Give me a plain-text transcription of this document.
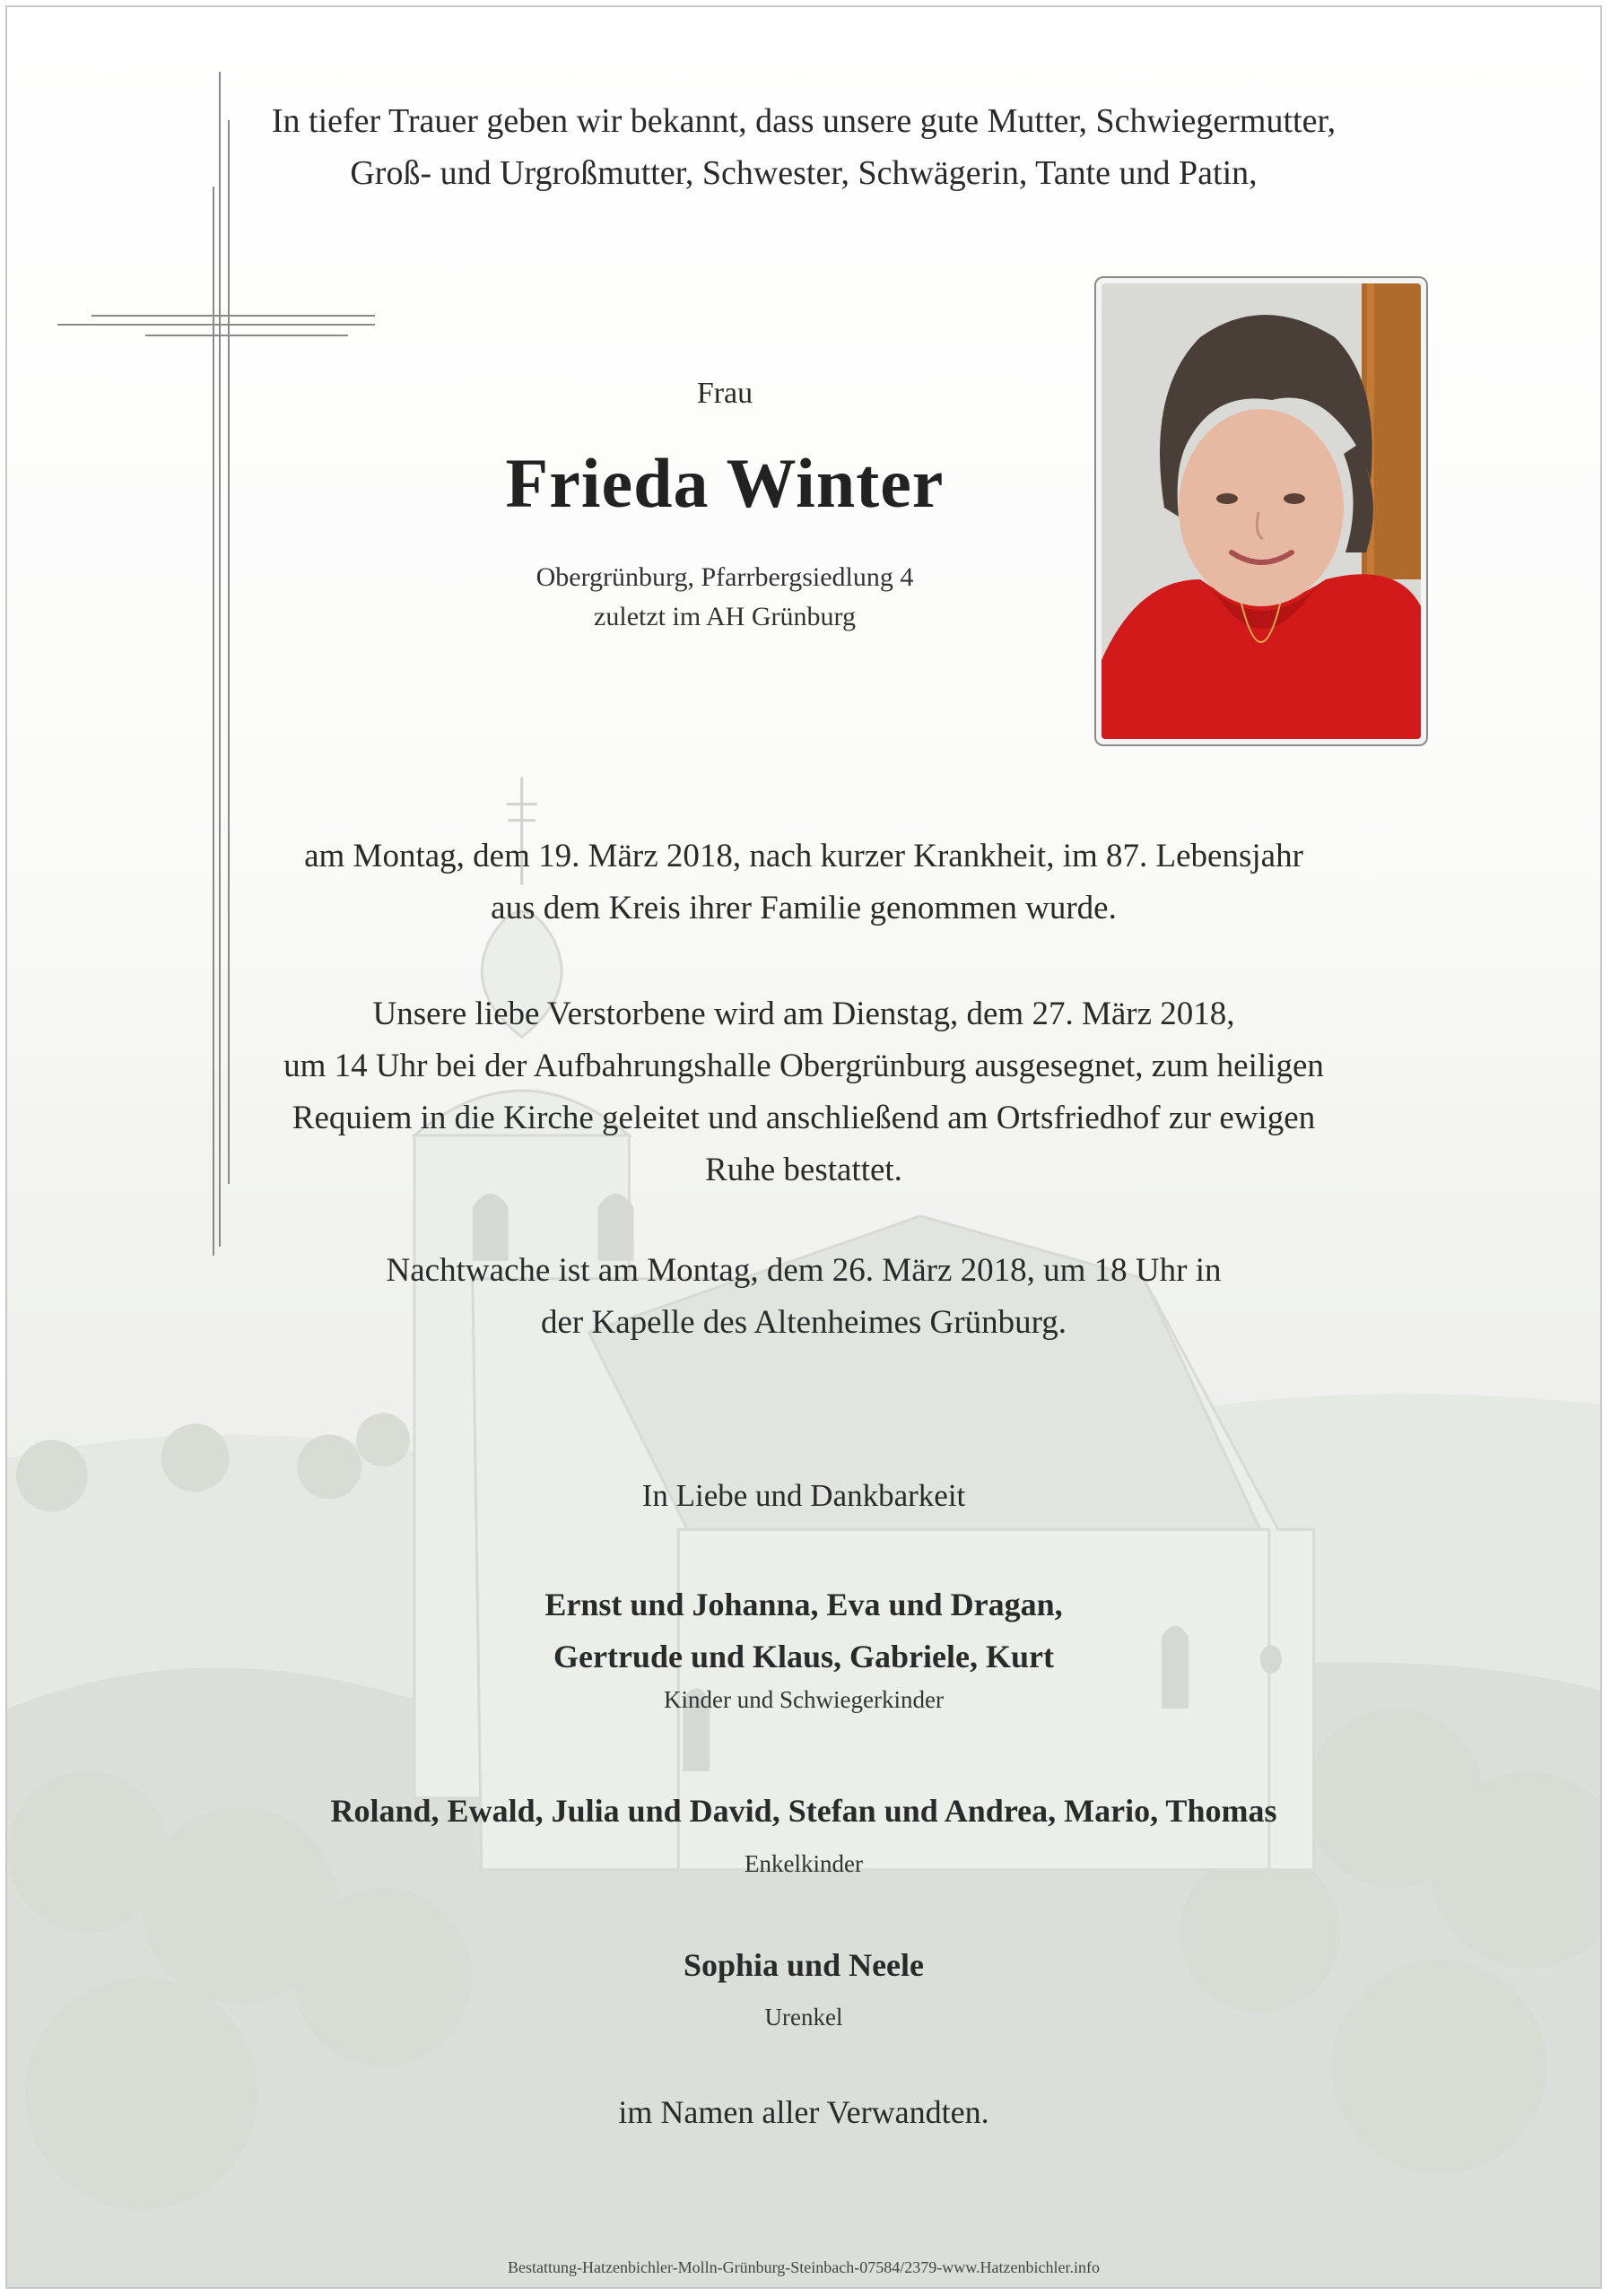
In tiefer Trauer geben wir bekannt, dass unsere gute Mutter, Schwiegermutter,
Groß- und Urgroßmutter, Schwester, Schwägerin, Tante und Patin,
Frau
Frieda Winter
Obergrünburg, Pfarrbergsiedlung 4
zuletzt im AH Grünburg
am Montag, dem 19. März 2018, nach kurzer Krankheit, im 87. Lebensjahr
aus dem Kreis ihrer Familie genommen wurde.
Unsere liebe Verstorbene wird am Dienstag, dem 27. März 2018,
um 14 Uhr bei der Aufbahrungshalle Obergrünburg ausgesegnet, zum heiligen
Requiem in die Kirche geleitet und anschließend am Ortsfriedhof zur ewigen
Ruhe bestattet.
Nachtwache ist am Montag, dem 26. März 2018, um 18 Uhr in
der Kapelle des Altenheimes Grünburg.
In Liebe und Dankbarkeit
Ernst und Johanna, Eva und Dragan,
Gertrude und Klaus, Gabriele, Kurt
Kinder und Schwiegerkinder
Roland, Ewald, Julia und David, Stefan und Andrea, Mario, Thomas
Enkelkinder
Sophia und Neele
Urenkel
im Namen aller Verwandten.
Bestattung-Hatzenbichler-Molln-Grünburg-Steinbach-07584/2379-www.Hatzenbichler.info
